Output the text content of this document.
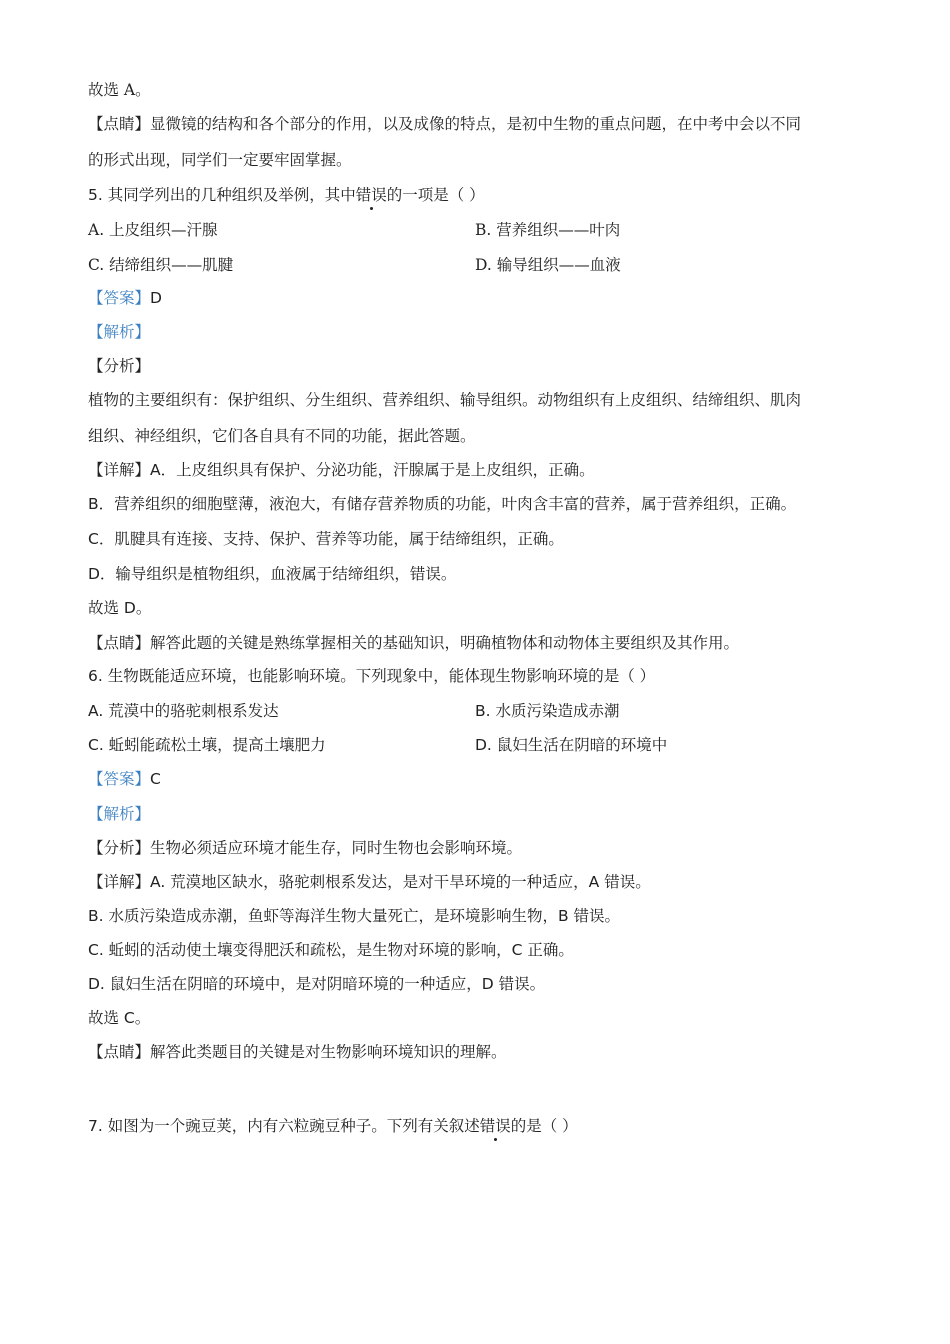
故选 A。
【点睛】显微镜的结构和各个部分的作用，以及成像的特点，是初中生物的重点问题，在中考中会以不同
的形式出现，同学们一定要牢固掌握。
5. 其同学列出的几种组织及举例，其中错误的一项是（ ）
A. 上皮组织—汗腺	B. 营养组织——叶肉
C. 结缔组织——肌腱	D. 输导组织——血液
【答案】D
【解析】
【分析】
植物的主要组织有：保护组织、分生组织、营养组织、输导组织。动物组织有上皮组织、结缔组织、肌肉
组织、神经组织，它们各自具有不同的功能，据此答题。
【详解】A．上皮组织具有保护、分泌功能，汗腺属于是上皮组织，正确。
B．营养组织的细胞壁薄，液泡大，有储存营养物质的功能，叶肉含丰富的营养，属于营养组织，正确。
C．肌腱具有连接、支持、保护、营养等功能，属于结缔组织，正确。
D．输导组织是植物组织，血液属于结缔组织，错误。
故选 D。
【点睛】解答此题的关键是熟练掌握相关的基础知识，明确植物体和动物体主要组织及其作用。
6. 生物既能适应环境，也能影响环境。下列现象中，能体现生物影响环境的是（ ）
A. 荒漠中的骆驼刺根系发达	B. 水质污染造成赤潮
C. 蚯蚓能疏松土壤，提高土壤肥力	D. 鼠妇生活在阴暗的环境中
【答案】C
【解析】
【分析】生物必须适应环境才能生存，同时生物也会影响环境。
【详解】A. 荒漠地区缺水，骆驼刺根系发达，是对干旱环境的一种适应，A 错误。
B. 水质污染造成赤潮，鱼虾等海洋生物大量死亡，是环境影响生物，B 错误。
C. 蚯蚓的活动使土壤变得肥沃和疏松，是生物对环境的影响，C 正确。
D. 鼠妇生活在阴暗的环境中，是对阴暗环境的一种适应，D 错误。
故选 C。
【点睛】解答此类题目的关键是对生物影响环境知识的理解。
7. 如图为一个豌豆荚，内有六粒豌豆种子。下列有关叙述错误的是（ ）
